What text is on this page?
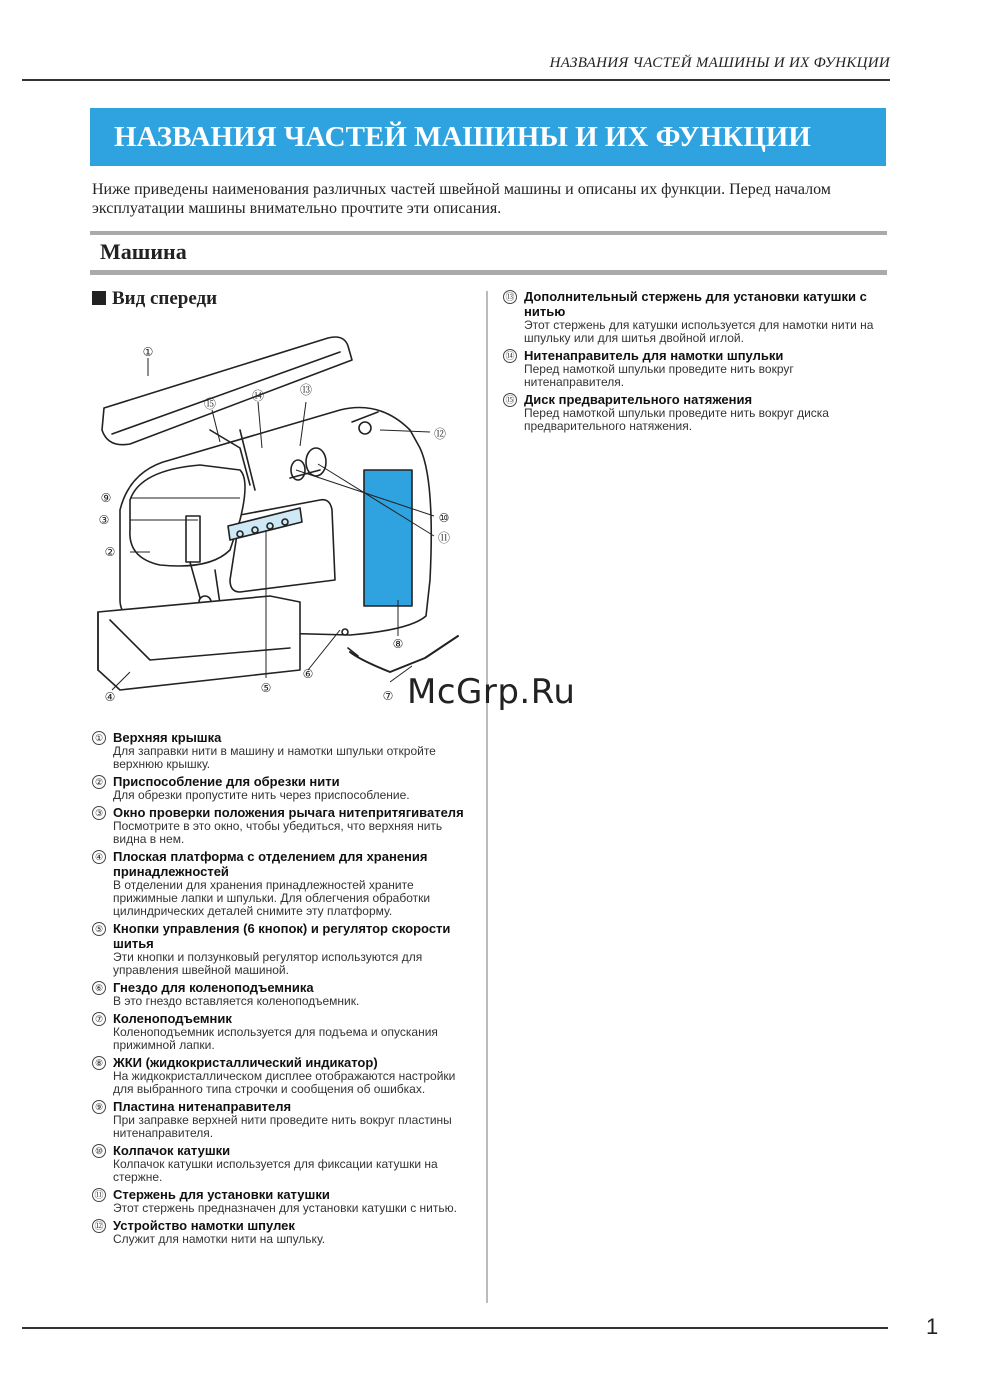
НАЗВАНИЯ ЧАСТЕЙ МАШИНЫ И ИХ ФУНКЦИИ
НАЗВАНИЯ ЧАСТЕЙ МАШИНЫ И ИХ ФУНКЦИИ

Ниже приведены наименования различных частей швейной машины и описаны их функции. Перед началом эксплуатации машины внимательно прочтите эти описания.

Машина
Вид спереди
①
②
③
④
⑤
⑥
⑦
⑧
⑨
⑩
⑪
⑫
⑬
⑭
⑮
① Верхняя крышка
Для заправки нити в машину и намотки шпульки откройте верхнюю крышку.
② Приспособление для обрезки нити
Для обрезки пропустите нить через приспособление.
③ Окно проверки положения рычага нитепритягивателя
Посмотрите в это окно, чтобы убедиться, что верхняя нить видна в нем.
④ Плоская платформа с отделением для хранения принадлежностей
В отделении для хранения принадлежностей храните прижимные лапки и шпульки. Для облегчения обработки цилиндрических деталей снимите эту платформу.
⑤ Кнопки управления (6 кнопок) и регулятор скорости шитья
Эти кнопки и ползунковый регулятор используются для управления швейной машиной.
⑥ Гнездо для коленоподъемника
В это гнездо вставляется коленоподъемник.
⑦ Коленоподъемник
Коленоподъемник используется для подъема и опускания прижимной лапки.
⑧ ЖКИ (жидкокристаллический индикатор)
На жидкокристаллическом дисплее отображаются настройки для выбранного типа строчки и сообщения об ошибках.
⑨ Пластина нитенаправителя
При заправке верхней нити проведите нить вокруг пластины нитенаправителя.
⑩ Колпачок катушки
Колпачок катушки используется для фиксации катушки на стержне.
⑪ Стержень для установки катушки
Этот стержень предназначен для установки катушки с нитью.
⑫ Устройство намотки шпулек
Служит для намотки нити на шпульку.
⑬ Дополнительный стержень для установки катушки с нитью
Этот стержень для катушки используется для намотки нити на шпульку или для шитья двойной иглой.
⑭ Нитенаправитель для намотки шпульки
Перед намоткой шпульки проведите нить вокруг нитенаправителя.
⑮ Диск предварительного натяжения
Перед намоткой шпульки проведите нить вокруг диска предварительного натяжения.
McGrp.Ru
1
